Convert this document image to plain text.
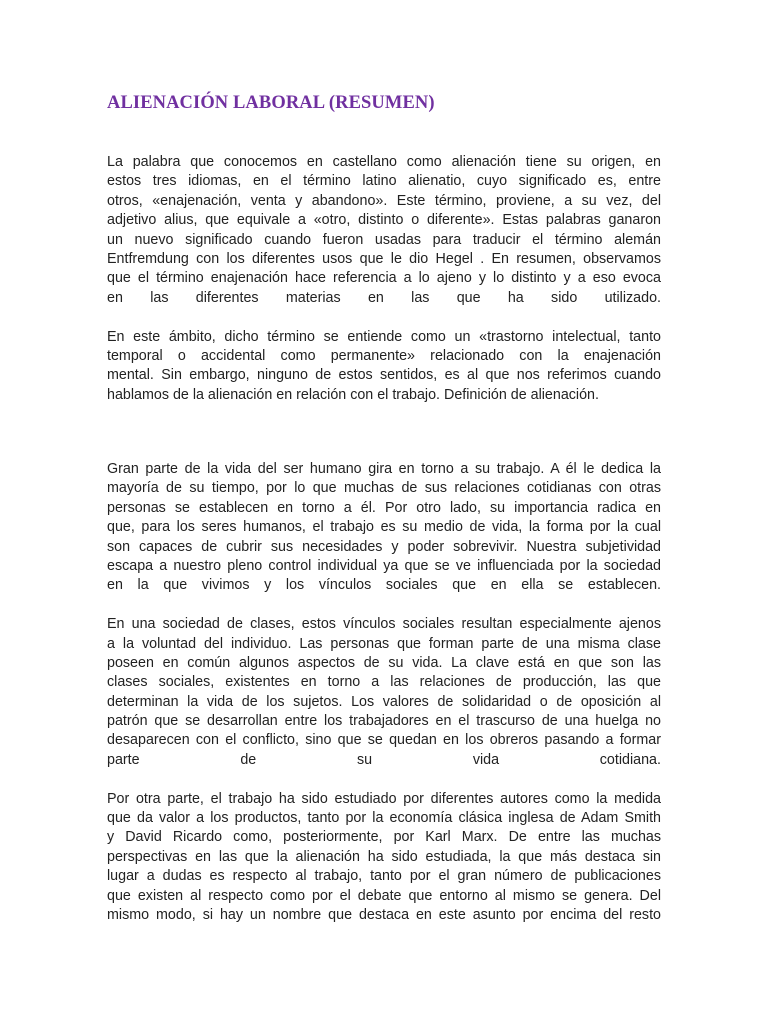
ALIENACIÓN LABORAL (RESUMEN)

La palabra que conocemos en castellano como alienación tiene su origen, en
estos tres idiomas, en el término latino alienatio, cuyo significado es, entre
otros, «enajenación, venta y abandono». Este término, proviene, a su vez, del
adjetivo alius, que equivale a «otro, distinto o diferente». Estas palabras ganaron
un nuevo significado cuando fueron usadas para traducir el término alemán
Entfremdung con los diferentes usos que le dio Hegel . En resumen, observamos
que el término enajenación hace referencia a lo ajeno y lo distinto y a eso evoca
en las diferentes materias en las que ha sido utilizado.

En este ámbito, dicho término se entiende como un «trastorno intelectual, tanto
temporal o accidental como permanente» relacionado con la enajenación
mental. Sin embargo, ninguno de estos sentidos, es al que nos referimos cuando
hablamos de la alienación en relación con el trabajo. Definición de alienación.

Gran parte de la vida del ser humano gira en torno a su trabajo. A él le dedica la
mayoría de su tiempo, por lo que muchas de sus relaciones cotidianas con otras
personas se establecen en torno a él. Por otro lado, su importancia radica en
que, para los seres humanos, el trabajo es su medio de vida, la forma por la cual
son capaces de cubrir sus necesidades y poder sobrevivir. Nuestra subjetividad
escapa a nuestro pleno control individual ya que se ve influenciada por la sociedad
en la que vivimos y los vínculos sociales que en ella se establecen.

En una sociedad de clases, estos vínculos sociales resultan especialmente ajenos
a la voluntad del individuo. Las personas que forman parte de una misma clase
poseen en común algunos aspectos de su vida. La clave está en que son las
clases sociales, existentes en torno a las relaciones de producción, las que
determinan la vida de los sujetos. Los valores de solidaridad o de oposición al
patrón que se desarrollan entre los trabajadores en el trascurso de una huelga no
desaparecen con el conflicto, sino que se quedan en los obreros pasando a formar
parte de su vida cotidiana.

Por otra parte, el trabajo ha sido estudiado por diferentes autores como la medida
que da valor a los productos, tanto por la economía clásica inglesa de Adam Smith
y David Ricardo como, posteriormente, por Karl Marx. De entre las muchas
perspectivas en las que la alienación ha sido estudiada, la que más destaca sin
lugar a dudas es respecto al trabajo, tanto por el gran número de publicaciones
que existen al respecto como por el debate que entorno al mismo se genera. Del
mismo modo, si hay un nombre que destaca en este asunto por encima del resto
